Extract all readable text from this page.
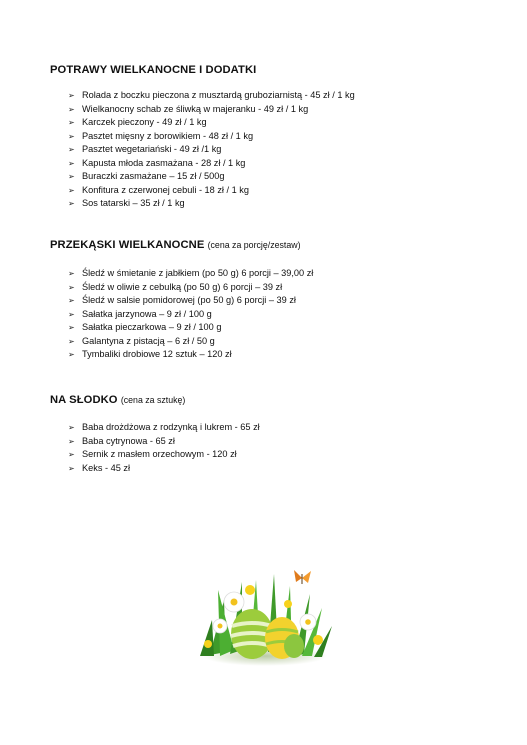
POTRAWY WIELKANOCNE I DODATKI

➢ Rolada z boczku pieczona z musztardą gruboziarnistą - 45 zł / 1 kg
➢ Wielkanocny schab ze śliwką w majeranku - 49 zł / 1 kg
➢ Karczek pieczony - 49 zł / 1 kg
➢ Pasztet mięsny z borowikiem - 48 zł / 1 kg
➢ Pasztet wegetariański - 49 zł /1 kg
➢ Kapusta młoda zasmażana - 28 zł / 1 kg
➢ Buraczki zasmażane – 15 zł / 500g
➢ Konfitura z czerwonej cebuli - 18 zł / 1 kg
➢ Sos tatarski – 35 zł / 1 kg

PRZEKĄSKI WIELKANOCNE (cena za porcję/zestaw)

➢ Śledź w śmietanie z jabłkiem (po 50 g) 6 porcji – 39,00 zł
➢ Śledź w oliwie z cebulką (po 50 g) 6 porcji – 39 zł
➢ Śledź w salsie pomidorowej (po 50 g) 6 porcji – 39 zł
➢ Sałatka jarzynowa – 9 zł / 100 g
➢ Sałatka pieczarkowa – 9 zł / 100 g
➢ Galantyna z pistacją – 6 zł / 50 g
➢ Tymbaliki drobiowe 12 sztuk – 120 zł

NA SŁODKO (cena za sztukę)

➢ Baba drożdżowa z rodzynką i lukrem - 65 zł
➢ Baba cytrynowa - 65 zł
➢ Sernik z masłem orzechowym - 120 zł
➢ Keks - 45 zł
